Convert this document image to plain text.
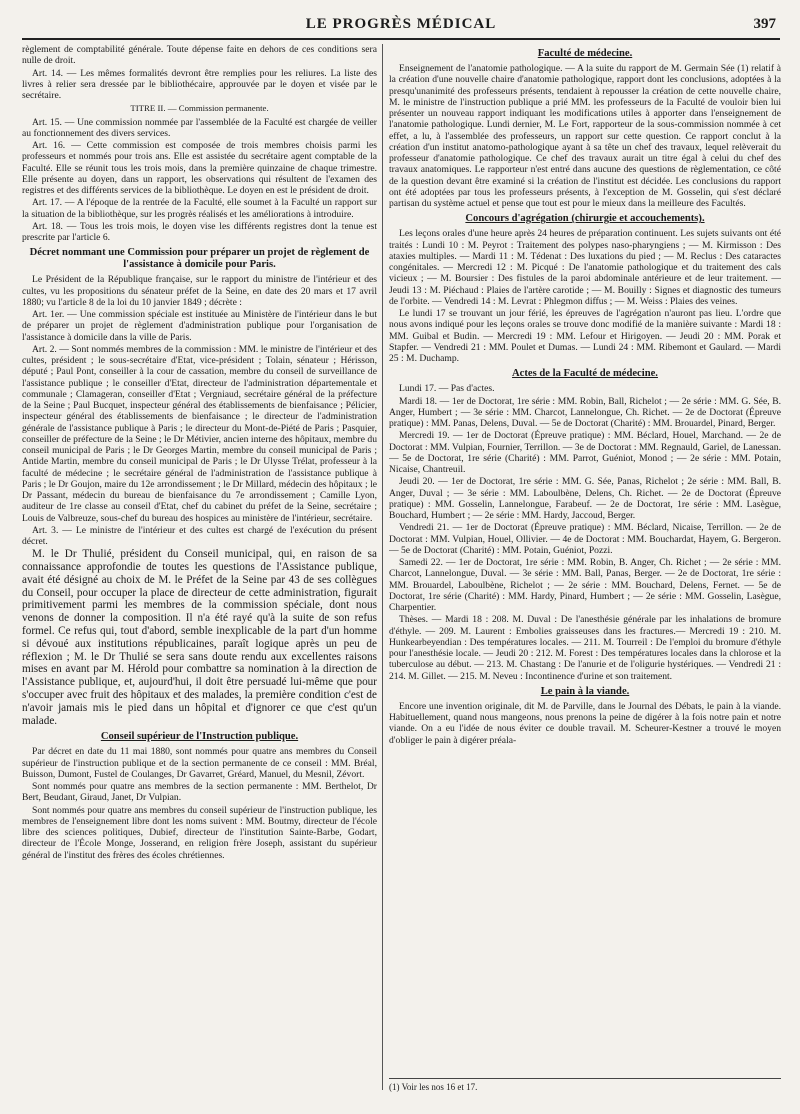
LE PROGRÈS MÉDICAL	397

règlement de comptabilité générale. Toute dépense faite en dehors de ces conditions sera nulle de droit.

Art. 14. — Les mêmes formalités devront être remplies pour les reliures. La liste des livres à relier sera dressée par le bibliothécaire, approuvée par le doyen et visée par le secrétaire.

TITRE II. — Commission permanente.

Art. 15. — Une commission nommée par l'assemblée de la Faculté est chargée de veiller au fonctionnement des divers services.

Art. 16. — Cette commission est composée de trois membres choisis parmi les professeurs et nommés pour trois ans. Elle est assistée du secrétaire agent comptable de la Faculté. Elle se réunit tous les trois mois, dans la première quinzaine de chaque trimestre. Elle présente au doyen, dans un rapport, les observations qui résultent de l'examen des registres et des différents services de la bibliothèque. Le doyen en est le président de droit.

Art. 17. — A l'époque de la rentrée de la Faculté, elle soumet à la Faculté un rapport sur la situation de la bibliothèque, sur les progrès réalisés et les améliorations à introduire.

Art. 18. — Tous les trois mois, le doyen vise les différents registres dont la tenue est prescrite par l'article 6.

Décret nommant une Commission pour préparer un projet de règlement de l'assistance à domicile pour Paris.

Le Président de la République française, sur le rapport du ministre de l'intérieur et des cultes, vu les propositions du sénateur préfet de la Seine, en date des 20 mars et 17 avril 1880; vu l'article 8 de la loi du 10 janvier 1849 ; décrète :

Art. 1er. — Une commission spéciale est instituée au Ministère de l'intérieur dans le but de préparer un projet de règlement d'administration publique pour l'organisation de l'assistance à domicile dans la ville de Paris.

Art. 2. — Sont nommés membres de la commission : MM. le ministre de l'intérieur et des cultes, président ; le sous-secrétaire d'Etat, vice-président ; Tolain, sénateur ; Hérisson, député ; Paul Pont, conseiller à la cour de cassation, membre du conseil de surveillance de l'assistance publique ; le conseiller d'Etat, directeur de l'administration départementale et communale ; Clamageran, conseiller d'Etat ; Vergniaud, secrétaire général de la préfecture de la Seine ; Paul Bucquet, inspecteur général des établissements de bienfaisance ; Pélicier, inspecteur général des établissements de bienfaisance ; le directeur de l'administration générale de l'assistance publique à Paris ; le directeur du Mont-de-Piété de Paris ; Pasquier, conseiller de préfecture de la Seine ; le Dr Métivier, ancien interne des hôpitaux, membre du conseil municipal de Paris ; le Dr Georges Martin, membre du conseil municipal de Paris ; Antide Martin, membre du conseil municipal de Paris ; le Dr Ulysse Trélat, professeur à la faculté de médecine ; le secrétaire général de l'administration de l'assistance publique à Paris ; le Dr Goujon, maire du 12e arrondissement ; le Dr Millard, médecin des hôpitaux ; le Dr Passant, médecin du bureau de bienfaisance du 7e arrondissement ; Camille Lyon, auditeur de 1re classe au conseil d'Etat, chef du cabinet du préfet de la Seine, secrétaire ; Louis de Valbreuze, sous-chef du bureau des hospices au ministère de l'intérieur, secrétaire.

Art. 3. — Le ministre de l'intérieur et des cultes est chargé de l'exécution du présent décret.

M. le Dr Thulié, président du Conseil municipal, qui, en raison de sa connaissance approfondie de toutes les questions de l'Assistance publique, avait été désigné au choix de M. le Préfet de la Seine par 43 de ses collègues du Conseil, pour occuper la place de directeur de cette administration, figurait primitivement parmi les membres de la commission spéciale, dont nous venons de donner la composition. Il n'a été rayé qu'à la suite de son refus formel. Ce refus qui, tout d'abord, semble inexplicable de la part d'un homme si dévoué aux institutions républicaines, paraît logique après un peu de réflexion ; M. le Dr Thulié se sera sans doute rendu aux excellentes raisons mises en avant par M. Hérold pour combattre sa nomination à la direction de l'Assistance publique, et, aujourd'hui, il doit être persuadé lui-même que pour s'occuper avec fruit des hôpitaux et des malades, la première condition c'est de n'avoir jamais mis le pied dans un hôpital et d'ignorer ce que c'est qu'un malade.

Conseil supérieur de l'Instruction publique.

Par décret en date du 11 mai 1880, sont nommés pour quatre ans membres du Conseil supérieur de l'instruction publique et de la section permanente de ce conseil : MM. Bréal, Buisson, Dumont, Fustel de Coulanges, Dr Gavarret, Gréard, Manuel, du Mesnil, Zévort.

Sont nommés pour quatre ans membres de la section permanente : MM. Berthelot, Dr Bert, Beudant, Giraud, Janet, Dr Vulpian.

Sont nommés pour quatre ans membres du conseil supérieur de l'instruction publique, les membres de l'enseignement libre dont les noms suivent : MM. Boutmy, directeur de l'école libre des sciences politiques, Dubief, directeur de l'institution Sainte-Barbe, Godart, directeur de l'École Monge, Josserand, en religion frère Joseph, assistant du supérieur général de l'institut des frères des écoles chrétiennes.

Faculté de médecine.

Enseignement de l'anatomie pathologique. — A la suite du rapport de M. Germain Sée (1) relatif à la création d'une nouvelle chaire d'anatomie pathologique, rapport dont les conclusions, adoptées à la presqu'unanimité des professeurs présents, tendaient à repousser la création de cette nouvelle chaire, M. le ministre de l'instruction publique a prié MM. les professeurs de la Faculté de vouloir bien lui présenter un nouveau rapport indiquant les modifications utiles à apporter dans l'enseignement de l'anatomie pathologique. Lundi dernier, M. Le Fort, rapporteur de la sous-commission nommée à cet effet, a lu, à l'assemblée des professeurs, un rapport sur cette question. Ce rapport conclut à la création d'un institut anatomo-pathologique ayant à sa tête un chef des travaux, lequel relèverait du professeur d'anatomie pathologique. Ce chef des travaux aurait un titre égal à celui du chef des travaux anatomiques. Le rapporteur n'est entré dans aucune des questions de règlementation, ce côté de la question devant être examiné si la création de l'institut est décidée. Les conclusions du rapport ont été adoptées par tous les professeurs présents, à l'exception de M. Gosselin, qui s'est déclaré partisan du système actuel et pense que tout est pour le mieux dans la meilleure des Facultés.

Concours d'agrégation (chirurgie et accouchements).

Les leçons orales d'une heure après 24 heures de préparation continuent. Les sujets suivants ont été traités : Lundi 10 : M. Peyrot : Traitement des polypes naso-pharyngiens ; — M. Kirmisson : Des ataxies multiples. — Mardi 11 : M. Tédenat : Des luxations du pied ; — M. Reclus : Des cataractes congénitales. — Mercredi 12 : M. Picqué : De l'anatomie pathologique et du traitement des cals vicieux ; — M. Boursier : Des fistules de la paroi abdominale antérieure et de leur traitement. — Jeudi 13 : M. Piéchaud : Plaies de l'artère carotide ; — M. Bouilly : Signes et diagnostic des tumeurs de l'orbite. — Vendredi 14 : M. Levrat : Phlegmon diffus ; — M. Weiss : Plaies des veines.

Le lundi 17 se trouvant un jour férié, les épreuves de l'agrégation n'auront pas lieu. L'ordre que nous avons indiqué pour les leçons orales se trouve donc modifié de la manière suivante : Mardi 18 : MM. Guibal et Budin. — Mercredi 19 : MM. Lefour et Hirigoyen. — Jeudi 20 : MM. Porak et Stapfer. — Vendredi 21 : MM. Poulet et Dumas. — Lundi 24 : MM. Ribemont et Gaulard. — Mardi 25 : M. Duchamp.

Actes de la Faculté de médecine.

Lundi 17. — Pas d'actes.

Mardi 18. — 1er de Doctorat, 1re série : MM. Robin, Ball, Richelot ; — 2e série : MM. G. Sée, B. Anger, Humbert ; — 3e série : MM. Charcot, Lannelongue, Ch. Richet. — 2e de Doctorat (Épreuve pratique) : MM. Panas, Delens, Duval. — 5e de Doctorat (Charité) : MM. Brouardel, Pinard, Berger.

Mercredi 19. — 1er de Doctorat (Épreuve pratique) : MM. Béclard, Houel, Marchand. — 2e de Doctorat : MM. Vulpian, Fournier, Terrillon. — 3e de Doctorat : MM. Regnauld, Gariel, de Lanessan. — 5e de Doctorat, 1re série (Charité) : MM. Parrot, Guéniot, Monod ; — 2e série : MM. Potain, Nicaise, Chantreuil.

Jeudi 20. — 1er de Doctorat, 1re série : MM. G. Sée, Panas, Richelot ; 2e série : MM. Ball, B. Anger, Duval ; — 3e série : MM. Laboulbène, Delens, Ch. Richet. — 2e de Doctorat (Épreuve pratique) : MM. Gosselin, Lannelongue, Farabeuf. — 2e de Doctorat, 1re série : MM. Lasègue, Bouchard, Humbert ; — 2e série : MM. Hardy, Jaccoud, Berger.

Vendredi 21. — 1er de Doctorat (Épreuve pratique) : MM. Béclard, Nicaise, Terrillon. — 2e de Doctorat : MM. Vulpian, Houel, Ollivier. — 4e de Doctorat : MM. Bouchardat, Hayem, G. Bergeron. — 5e de Doctorat (Charité) : MM. Potain, Guéniot, Pozzi.

Samedi 22. — 1er de Doctorat, 1re série : MM. Robin, B. Anger, Ch. Richet ; — 2e série : MM. Charcot, Lannelongue, Duval. — 3e série : MM. Ball, Panas, Berger. — 2e de Doctorat, 1re série : MM. Brouardel, Laboulbène, Richelot ; — 2e série : MM. Bouchard, Delens, Fernet. — 5e de Doctorat, 1re série (Charité) : MM. Hardy, Pinard, Humbert ; — 2e série : MM. Gosselin, Lasègue, Charpentier.

Thèses. — Mardi 18 : 208. M. Duval : De l'anesthésie générale par les inhalations de bromure d'éthyle. — 209. M. Laurent : Embolies graisseuses dans les fractures.— Mercredi 19 : 210. M. Hunkearbeyendian : Des températures locales. — 211. M. Tourreil : De l'emploi du bromure d'éthyle pour l'anesthésie locale. — Jeudi 20 : 212. M. Forest : Des températures locales dans la chlorose et la tuberculose au début. — 213. M. Chastang : De l'anurie et de l'oligurie hystériques. — Vendredi 21 : 214. M. Gillet. — 215. M. Neveu : Incontinence d'urine et son traitement.

Le pain à la viande.

Encore une invention originale, dit M. de Parville, dans le Journal des Débats, le pain à la viande. Habituellement, quand nous mangeons, nous prenons la peine de digérer à la fois notre pain et notre viande. On a eu l'idée de nous éviter ce double travail. M. Scheurer-Kestner a trouvé le moyen d'obliger le pain à digérer préala-

(1) Voir les nos 16 et 17.
